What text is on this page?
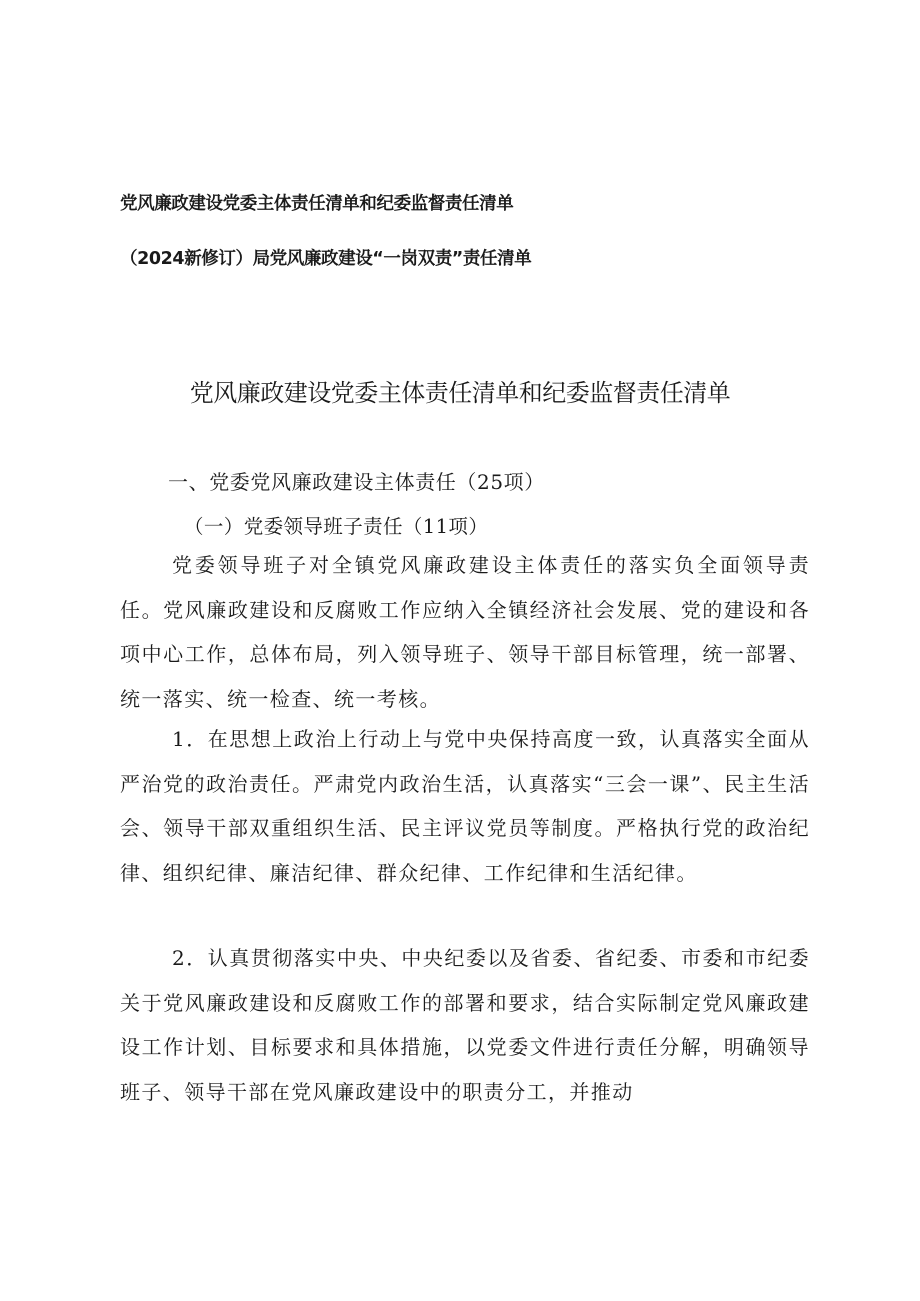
党风廉政建设党委主体责任清单和纪委监督责任清单
（2024新修订）局党风廉政建设“一岗双责”责任清单
党风廉政建设党委主体责任清单和纪委监督责任清单
一、党委党风廉政建设主体责任（25项）
（一）党委领导班子责任（11项）

党委领导班子对全镇党风廉政建设主体责任的落实负全面领导责任。党风廉政建设和反腐败工作应纳入全镇经济社会发展、党的建设和各项中心工作，总体布局，列入领导班子、领导干部目标管理，统一部署、统一落实、统一检查、统一考核。

1．在思想上政治上行动上与党中央保持高度一致，认真落实全面从严治党的政治责任。严肃党内政治生活，认真落实“三会一课”、民主生活会、领导干部双重组织生活、民主评议党员等制度。严格执行党的政治纪律、组织纪律、廉洁纪律、群众纪律、工作纪律和生活纪律。

2．认真贯彻落实中央、中央纪委以及省委、省纪委、市委和市纪委关于党风廉政建设和反腐败工作的部署和要求，结合实际制定党风廉政建设工作计划、目标要求和具体措施，以党委文件进行责任分解，明确领导班子、领导干部在党风廉政建设中的职责分工，并推动
